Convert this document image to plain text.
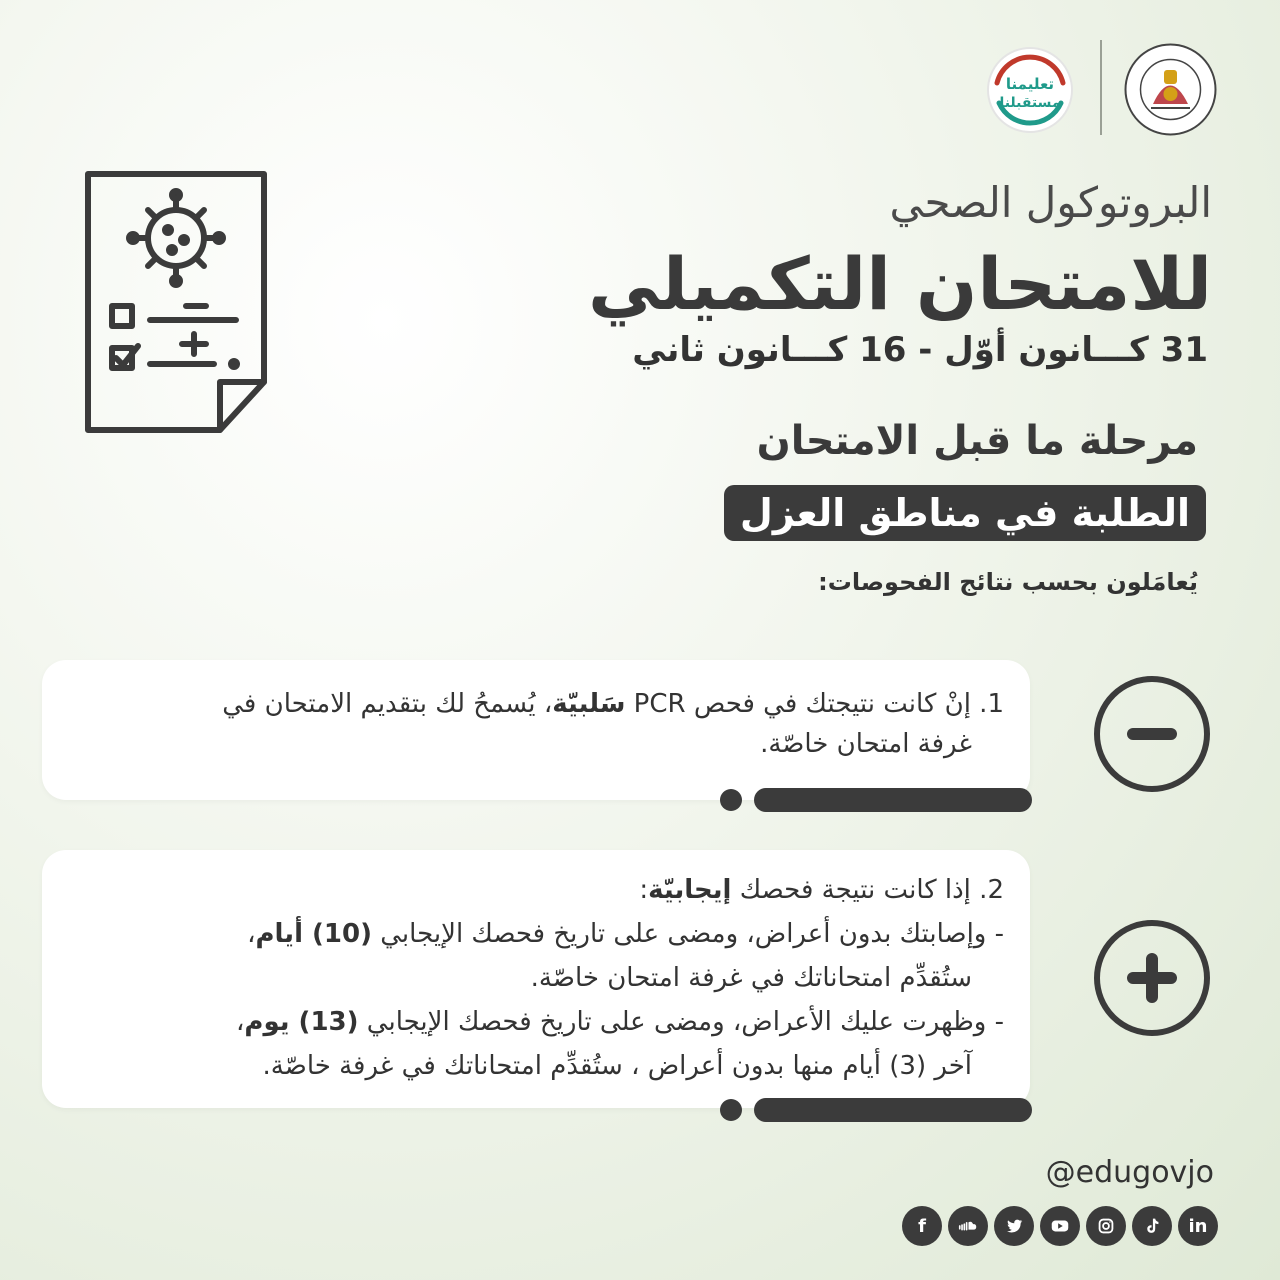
تعليمنا
مستقبلنا
البروتوكول الصحي
للامتحان التكميلي
31 كـــانون أوّل - 16 كـــانون ثاني
مرحلة ما قبل الامتحان
الطلبة في مناطق العزل
يُعامَلون بحسب نتائج الفحوصات:
1. إنْ كانت نتيجتك في فحص PCR سَلبيّة، يُسمحُ لك بتقديم الامتحان في
غرفة امتحان خاصّة.
2. إذا كانت نتيجة فحصك إيجابيّة:
- وإصابتك بدون أعراض، ومضى على تاريخ فحصك الإيجابي (10) أيام،
ستُقدِّم امتحاناتك في غرفة امتحان خاصّة.
- وظهرت عليك الأعراض، ومضى على تاريخ فحصك الإيجابي (13) يوم،
آخر (3) أيام منها بدون أعراض ، ستُقدِّم امتحاناتك في غرفة خاصّة.
@edugovjo
f	in
